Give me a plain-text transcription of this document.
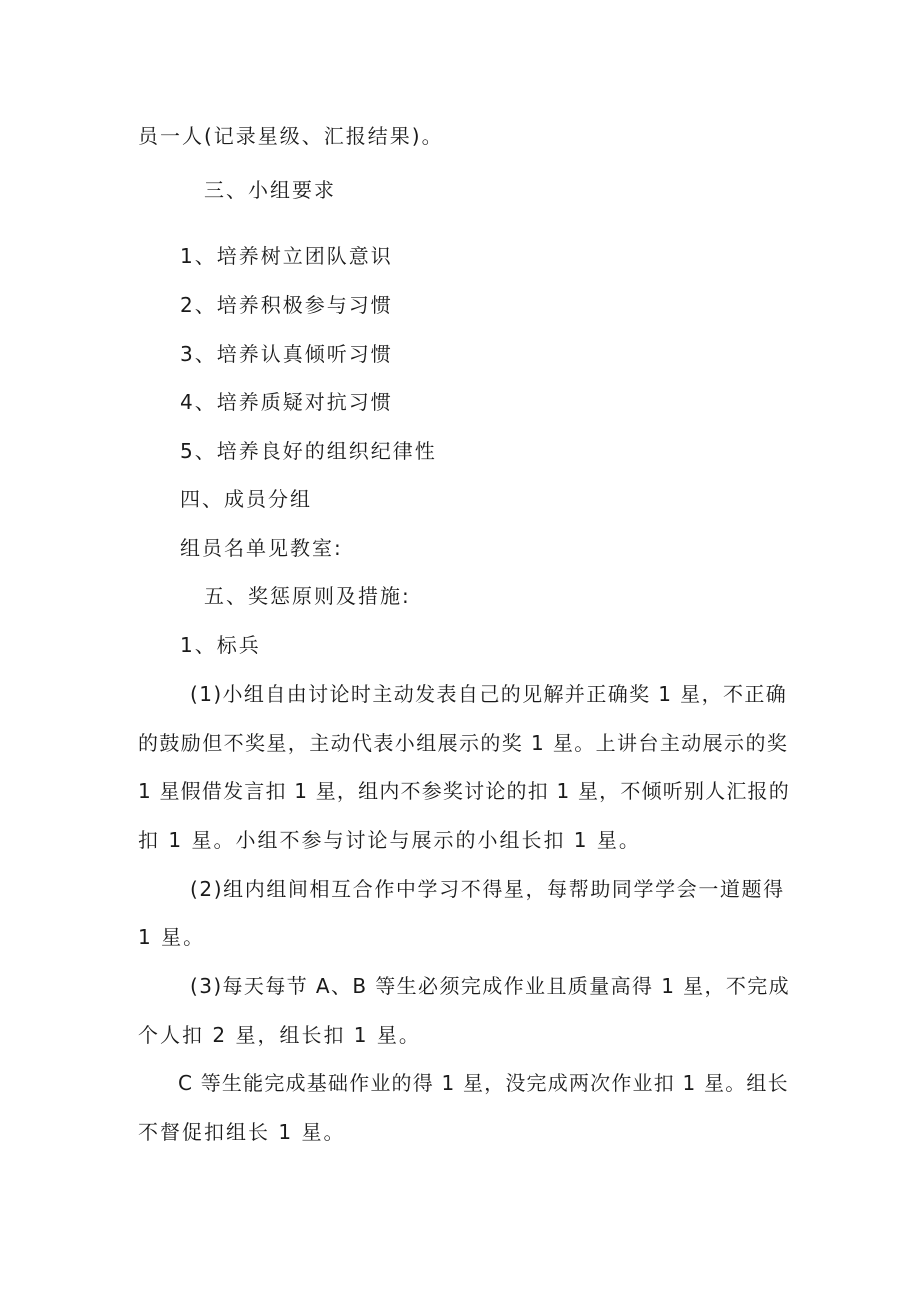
员一人(记录星级、汇报结果)。
三、小组要求
1、培养树立团队意识
2、培养积极参与习惯
3、培养认真倾听习惯
4、培养质疑对抗习惯
5、培养良好的组织纪律性
四、成员分组
组员名单见教室:
五、奖惩原则及措施:
1、标兵
(1)小组自由讨论时主动发表自己的见解并正确奖 1 星，不正确
的鼓励但不奖星，主动代表小组展示的奖 1 星。上讲台主动展示的奖
1 星假借发言扣 1 星，组内不参奖讨论的扣 1 星，不倾听别人汇报的
扣 1 星。小组不参与讨论与展示的小组长扣 1 星。
(2)组内组间相互合作中学习不得星，每帮助同学学会一道题得
1 星。
(3)每天每节 A、B 等生必须完成作业且质量高得 1 星，不完成
个人扣 2 星，组长扣 1 星。
C 等生能完成基础作业的得 1 星，没完成两次作业扣 1 星。组长
不督促扣组长 1 星。
